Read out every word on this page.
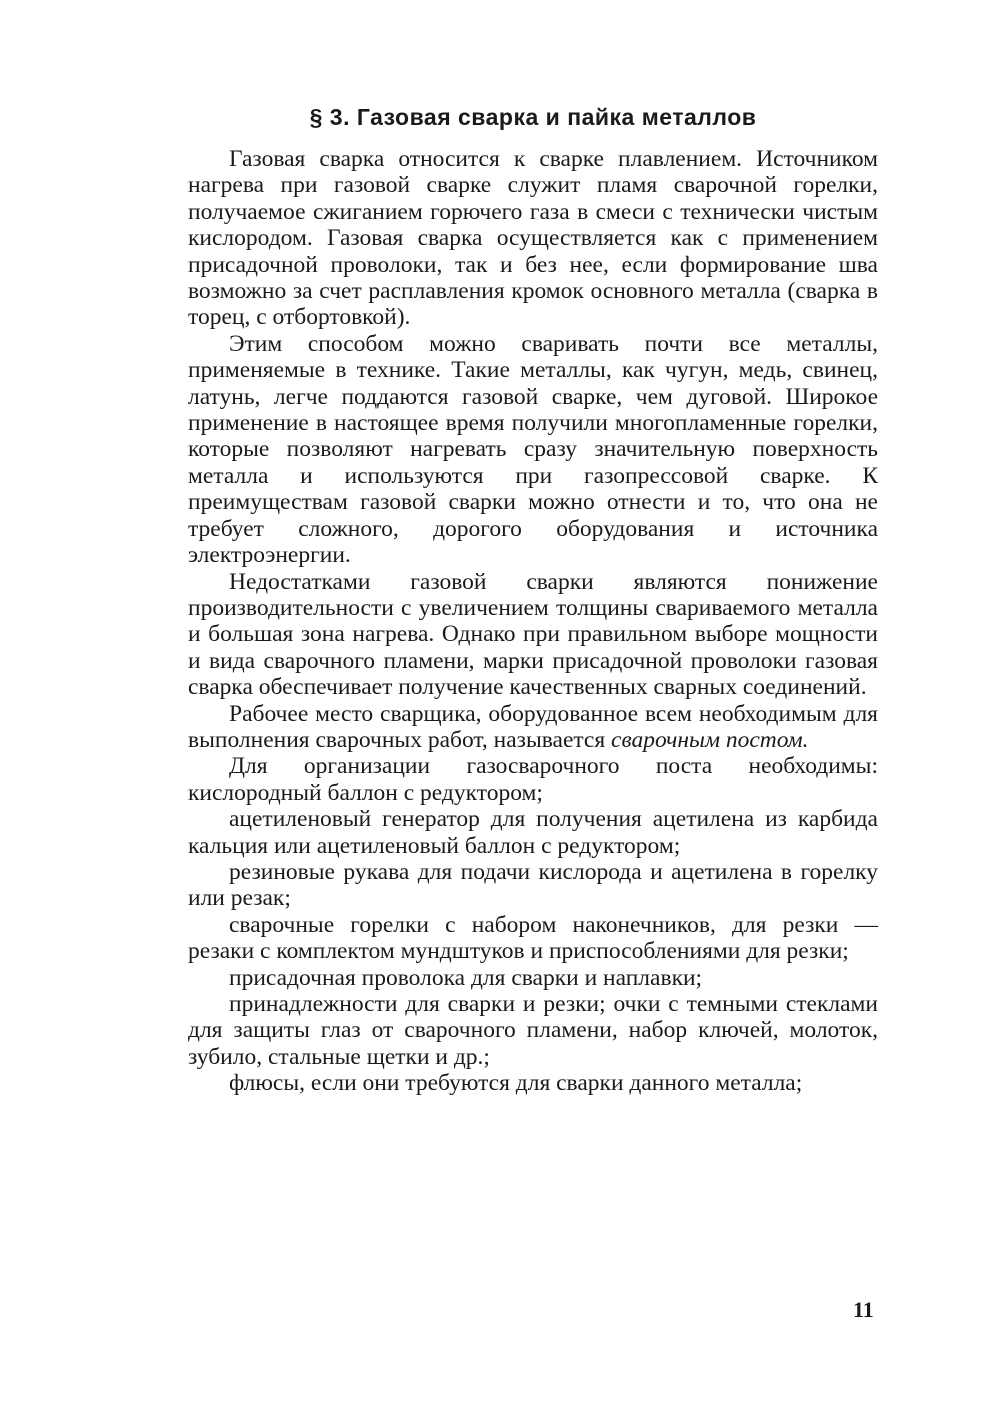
§ 3. Газовая сварка и пайка металлов

Газовая сварка относится к сварке плавлением. Источником нагрева при газовой сварке служит пламя сварочной горелки, получаемое сжиганием горючего газа в смеси с технически чистым кислородом. Газовая сварка осуществляется как с применением присадочной проволоки, так и без нее, если формирование шва возможно за счет расплавления кромок основного металла (сварка в торец, с отбортовкой).

Этим способом можно сваривать почти все металлы, применяемые в технике. Такие металлы, как чугун, медь, свинец, латунь, легче поддаются газовой сварке, чем дуговой. Широкое применение в настоящее время получили многопламенные горелки, которые позволяют нагревать сразу значительную поверхность металла и используются при газопрессовой сварке. К преимуществам газовой сварки можно отнести и то, что она не требует сложного, дорогого оборудования и источника электроэнергии.

Недостатками газовой сварки являются понижение производительности с увеличением толщины свариваемого металла и большая зона нагрева. Однако при правильном выборе мощности и вида сварочного пламени, марки присадочной проволоки газовая сварка обеспечивает получение качественных сварных соединений.

Рабочее место сварщика, оборудованное всем необходимым для выполнения сварочных работ, называется сварочным постом.

Для организации газосварочного поста необходимы: кислородный баллон с редуктором;

ацетиленовый генератор для получения ацетилена из карбида кальция или ацетиленовый баллон с редуктором;

резиновые рукава для подачи кислорода и ацетилена в горелку или резак;

сварочные горелки с набором наконечников, для резки — резаки с комплектом мундштуков и приспособлениями для резки;

присадочная проволока для сварки и наплавки;

принадлежности для сварки и резки; очки с темными стеклами для защиты глаз от сварочного пламени, набор ключей, молоток, зубило, стальные щетки и др.;

флюсы, если они требуются для сварки данного металла;

11
